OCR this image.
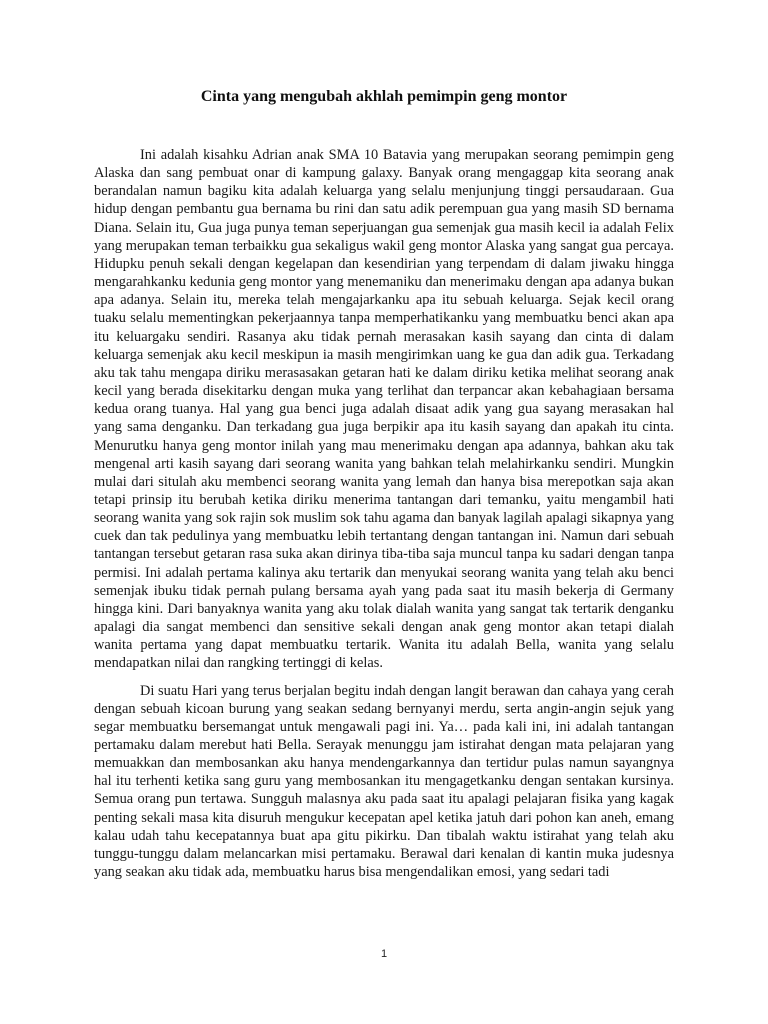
Cinta yang mengubah akhlah pemimpin geng montor

Ini adalah kisahku Adrian anak SMA 10 Batavia yang merupakan seorang pemimpin geng Alaska dan sang pembuat onar di kampung galaxy. Banyak orang mengaggap kita seorang anak berandalan namun bagiku kita adalah keluarga yang selalu menjunjung tinggi persaudaraan. Gua hidup dengan pembantu gua bernama bu rini dan satu adik perempuan gua yang masih SD bernama Diana. Selain itu, Gua juga punya teman seperjuangan gua semenjak gua masih kecil ia adalah Felix yang merupakan teman terbaikku gua sekaligus wakil geng montor Alaska yang sangat gua percaya. Hidupku penuh sekali dengan kegelapan dan kesendirian yang terpendam di dalam jiwaku hingga mengarahkanku kedunia geng montor yang menemaniku dan menerimaku dengan apa adanya bukan apa adanya. Selain itu, mereka telah mengajarkanku apa itu sebuah keluarga. Sejak kecil orang tuaku selalu mementingkan pekerjaannya tanpa memperhatikanku yang membuatku benci akan apa itu keluargaku sendiri. Rasanya aku tidak pernah merasakan kasih sayang dan cinta di dalam keluarga semenjak aku kecil meskipun ia masih mengirimkan uang ke gua dan adik gua. Terkadang aku tak tahu mengapa diriku merasasakan getaran hati ke dalam diriku ketika melihat seorang anak kecil yang berada disekitarku dengan muka yang terlihat dan terpancar akan kebahagiaan bersama kedua orang tuanya. Hal yang gua benci juga adalah disaat adik yang gua sayang merasakan hal yang sama denganku. Dan terkadang gua juga berpikir apa itu kasih sayang dan apakah itu cinta. Menurutku hanya geng montor inilah yang mau menerimaku dengan apa adannya, bahkan aku tak mengenal arti kasih sayang dari seorang wanita yang bahkan telah melahirkanku sendiri. Mungkin mulai dari situlah aku membenci seorang wanita yang lemah dan hanya bisa merepotkan saja akan tetapi prinsip itu berubah ketika diriku menerima tantangan dari temanku, yaitu mengambil hati seorang wanita yang sok rajin sok muslim sok tahu agama dan banyak lagilah apalagi sikapnya yang cuek dan tak pedulinya yang membuatku lebih tertantang dengan tantangan ini. Namun dari sebuah tantangan tersebut getaran rasa suka akan dirinya tiba-tiba saja muncul tanpa ku sadari dengan tanpa permisi. Ini adalah pertama kalinya aku tertarik dan menyukai seorang wanita yang telah aku benci semenjak ibuku tidak pernah pulang bersama ayah yang pada saat itu masih bekerja di Germany hingga kini. Dari banyaknya wanita yang aku tolak dialah wanita yang sangat tak tertarik denganku apalagi dia sangat membenci dan sensitive sekali dengan anak geng montor akan tetapi dialah wanita pertama yang dapat membuatku tertarik. Wanita itu adalah Bella, wanita yang selalu mendapatkan nilai dan rangking tertinggi di kelas.

Di suatu Hari yang terus berjalan begitu indah dengan langit berawan dan cahaya yang cerah dengan sebuah kicoan burung yang seakan sedang bernyanyi merdu, serta angin-angin sejuk yang segar membuatku bersemangat untuk mengawali pagi ini. Ya… pada kali ini, ini adalah tantangan pertamaku dalam merebut hati Bella. Serayak menunggu jam istirahat dengan mata pelajaran yang memuakkan dan membosankan aku hanya mendengarkannya dan tertidur pulas namun sayangnya hal itu terhenti ketika sang guru yang membosankan itu mengagetkanku dengan sentakan kursinya. Semua orang pun tertawa. Sungguh malasnya aku pada saat itu apalagi pelajaran fisika yang kagak penting sekali masa kita disuruh mengukur kecepatan apel ketika jatuh dari pohon kan aneh, emang kalau udah tahu kecepatannya buat apa gitu pikirku. Dan tibalah waktu istirahat yang telah aku tunggu-tunggu dalam melancarkan misi pertamaku. Berawal dari kenalan di kantin muka judesnya yang seakan aku tidak ada, membuatku harus bisa mengendalikan emosi, yang sedari tadi

1
